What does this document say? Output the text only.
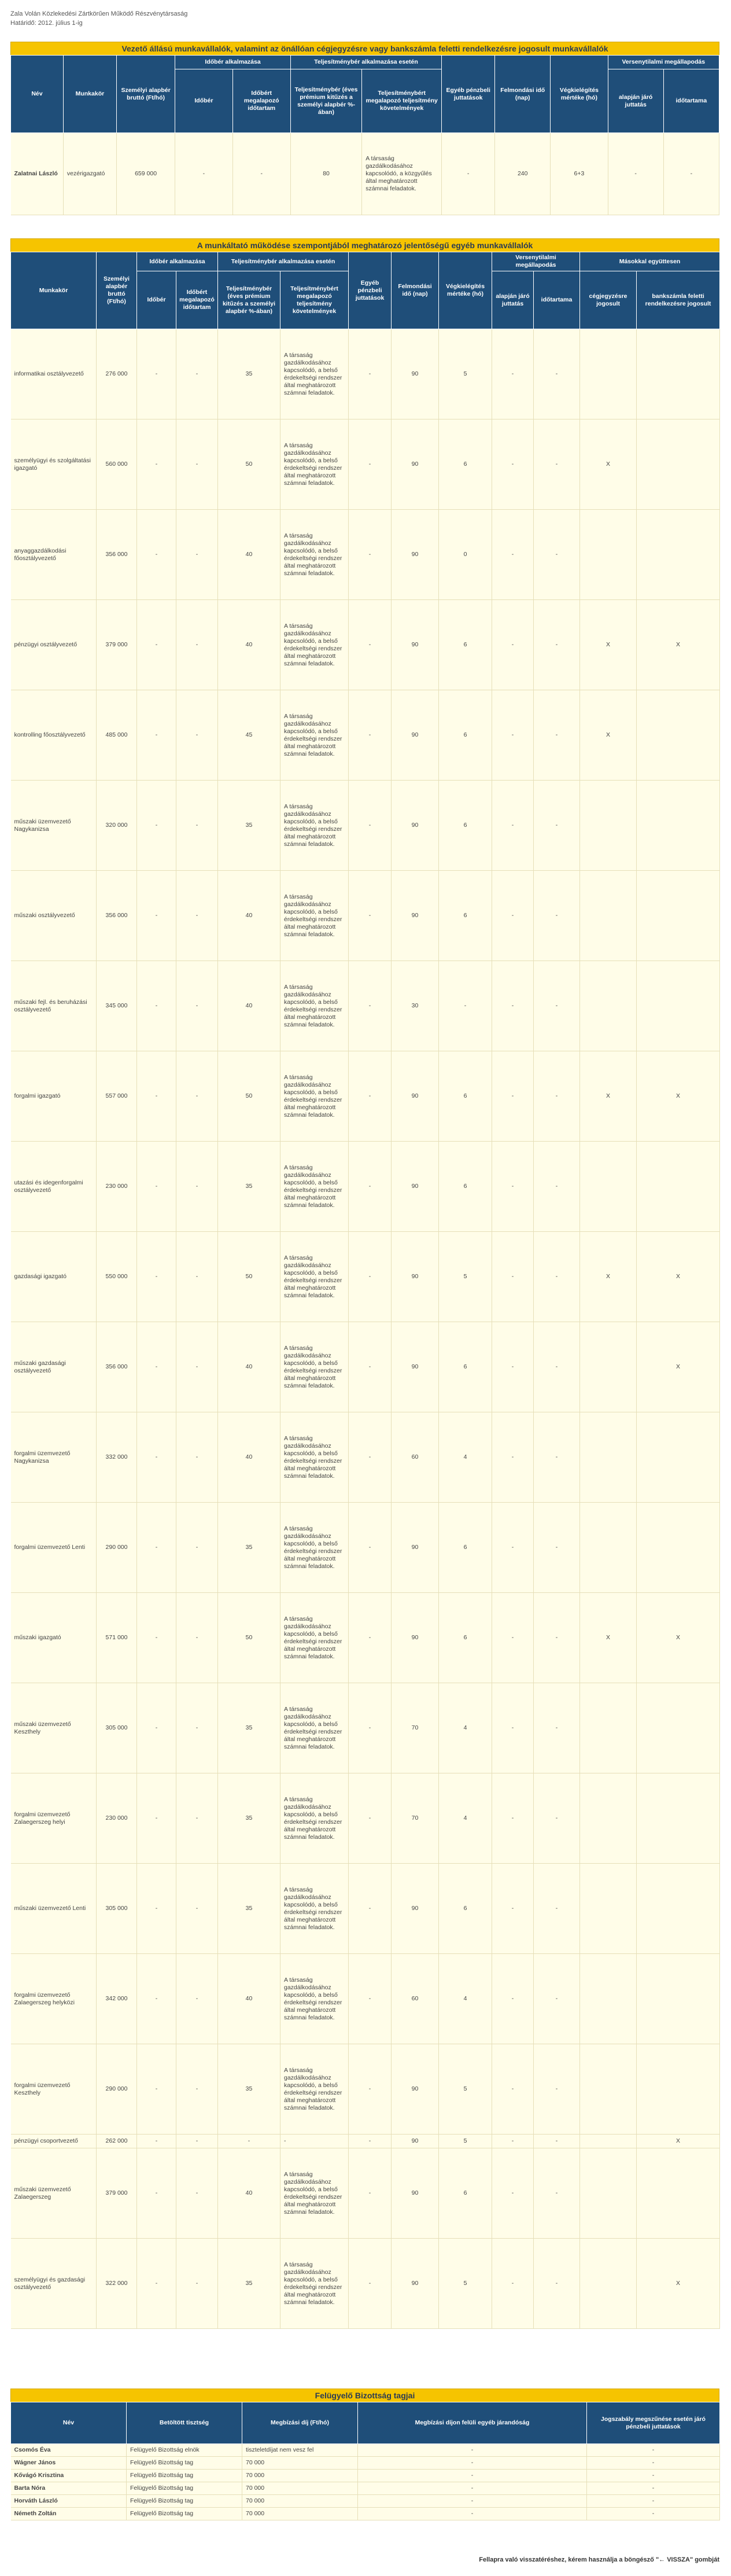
Zala Volán Közlekedési Zártkörűen Működő Részvénytársaság
Határidő: 2012. július 1-ig
Vezető állású munkavállalók, valamint az önállóan cégjegyzésre vagy bankszámla feletti rendelkezésre jogosult munkavállalók
Név	Munkakör	Személyi alapbér bruttó (Ft/hó)	Időbér alkalmazása		Teljesítménybér alkalmazása esetén		Egyéb pénzbeli juttatások	Felmondási idő (nap)	Végkielégítés mértéke (hó)	Versenytilalmi megállapodás	
			Időbér	Időbért megalapozó időtartam	Teljesítménybér (éves prémium kitűzés a személyi alapbér %-ában)	Teljesítménybért megalapozó teljesítmény követelmények				alapján járó juttatás	időtartama
Zalatnai László	vezérigazgató	659 000	-	-	80	A társaság gazdálkodásához kapcsolódó, a közgyűlés által meghatározott számnai feladatok.	-	240	6+3	-	-
A munkáltató működése szempontjából meghatározó jelentőségű egyéb munkavállalók
Munkakör	Személyi alapbér bruttó (Ft/hó)	Időbér alkalmazása		Teljesítménybér alkalmazása esetén		Egyéb pénzbeli juttatások	Felmondási idő (nap)	Végkielégítés mértéke (hó)	Versenytilalmi megállapodás		Másokkal együttesen	
		Időbér	Időbért megalapozó időtartam	Teljesítménybér (éves prémium kitűzés a személyi alapbér %-ában)	Teljesítménybért megalapozó teljesítmény követelmények				alapján járó juttatás	időtartama	cégjegyzésre jogosult	bankszámla feletti rendelkezésre jogosult
informatikai osztályvezető	276 000	-	-	35	A társaság gazdálkodásához kapcsolódó, a belső érdekeltségi rendszer által meghatározott számnai feladatok.	-	90	5	-	-		
személyügyi és szolgáltatási igazgató	560 000	-	-	50	A társaság gazdálkodásához kapcsolódó, a belső érdekeltségi rendszer által meghatározott számnai feladatok.	-	90	6	-	-	X	
anyaggazdálkodási főosztályvezető	356 000	-	-	40	A társaság gazdálkodásához kapcsolódó, a belső érdekeltségi rendszer által meghatározott számnai feladatok.	-	90	0	-	-		
pénzügyi osztályvezető	379 000	-	-	40	A társaság gazdálkodásához kapcsolódó, a belső érdekeltségi rendszer által meghatározott számnai feladatok.	-	90	6	-	-	X	X
kontrolling főosztályvezető	485 000	-	-	45	A társaság gazdálkodásához kapcsolódó, a belső érdekeltségi rendszer által meghatározott számnai feladatok.	-	90	6	-	-	X	
műszaki üzemvezető Nagykanizsa	320 000	-	-	35	A társaság gazdálkodásához kapcsolódó, a belső érdekeltségi rendszer által meghatározott számnai feladatok.	-	90	6	-	-		
műszaki osztályvezető	356 000	-	-	40	A társaság gazdálkodásához kapcsolódó, a belső érdekeltségi rendszer által meghatározott számnai feladatok.	-	90	6	-	-		
műszaki fejl. és beruházási osztályvezető	345 000	-	-	40	A társaság gazdálkodásához kapcsolódó, a belső érdekeltségi rendszer által meghatározott számnai feladatok.	-	30	-	-	-		
forgalmi igazgató	557 000	-	-	50	A társaság gazdálkodásához kapcsolódó, a belső érdekeltségi rendszer által meghatározott számnai feladatok.	-	90	6	-	-	X	X
utazási és idegenforgalmi osztályvezető	230 000	-	-	35	A társaság gazdálkodásához kapcsolódó, a belső érdekeltségi rendszer által meghatározott számnai feladatok.	-	90	6	-	-		
gazdasági igazgató	550 000	-	-	50	A társaság gazdálkodásához kapcsolódó, a belső érdekeltségi rendszer által meghatározott számnai feladatok.	-	90	5	-	-	X	X
műszaki gazdasági osztályvezető	356 000	-	-	40	A társaság gazdálkodásához kapcsolódó, a belső érdekeltségi rendszer által meghatározott számnai feladatok.	-	90	6	-	-		X
forgalmi üzemvezető Nagykanizsa	332 000	-	-	40	A társaság gazdálkodásához kapcsolódó, a belső érdekeltségi rendszer által meghatározott számnai feladatok.	-	60	4	-	-		
forgalmi üzemvezető Lenti	290 000	-	-	35	A társaság gazdálkodásához kapcsolódó, a belső érdekeltségi rendszer által meghatározott számnai feladatok.	-	90	6	-	-		
műszaki igazgató	571 000	-	-	50	A társaság gazdálkodásához kapcsolódó, a belső érdekeltségi rendszer által meghatározott számnai feladatok.	-	90	6	-	-	X	X
műszaki üzemvezető Keszthely	305 000	-	-	35	A társaság gazdálkodásához kapcsolódó, a belső érdekeltségi rendszer által meghatározott számnai feladatok.	-	70	4	-	-		
forgalmi üzemvezető Zalaegerszeg helyi	230 000	-	-	35	A társaság gazdálkodásához kapcsolódó, a belső érdekeltségi rendszer által meghatározott számnai feladatok.	-	70	4	-	-		
műszaki üzemvezető Lenti	305 000	-	-	35	A társaság gazdálkodásához kapcsolódó, a belső érdekeltségi rendszer által meghatározott számnai feladatok.	-	90	6	-	-		
forgalmi üzemvezető Zalaegerszeg helyközi	342 000	-	-	40	A társaság gazdálkodásához kapcsolódó, a belső érdekeltségi rendszer által meghatározott számnai feladatok.	-	60	4	-	-		
forgalmi üzemvezető Keszthely	290 000	-	-	35	A társaság gazdálkodásához kapcsolódó, a belső érdekeltségi rendszer által meghatározott számnai feladatok.	-	90	5	-	-		
pénzügyi csoportvezető	262 000	-	-	-	-	-	90	5	-	-		X
műszaki üzemvezető Zalaegerszeg	379 000	-	-	40	A társaság gazdálkodásához kapcsolódó, a belső érdekeltségi rendszer által meghatározott számnai feladatok.	-	90	6	-	-		
személyügyi és gazdasági osztályvezető	322 000	-	-	35	A társaság gazdálkodásához kapcsolódó, a belső érdekeltségi rendszer által meghatározott számnai feladatok.	-	90	5	-	-		X
Felügyelő Bizottság tagjai
Név	Betöltött tisztség	Megbízási díj (Ft/hó)	Megbízási díjon felüli egyéb járandóság	Jogszabály megszűnése esetén járó pénzbeli juttatások
Csomós Éva	Felügyelő Bizottság elnök	tiszteletdíjat nem vesz fel	-	-
Wágner János	Felügyelő Bizottság tag	70 000	-	-
Kővágó Krisztina	Felügyelő Bizottság tag	70 000	-	-
Barta Nóra	Felügyelő Bizottság tag	70 000	-	-
Horváth László	Felügyelő Bizottság tag	70 000	-	-
Németh Zoltán	Felügyelő Bizottság tag	70 000	-	-
Fellapra való visszatéréshez, kérem használja a böngésző "← VISSZA" gombját
